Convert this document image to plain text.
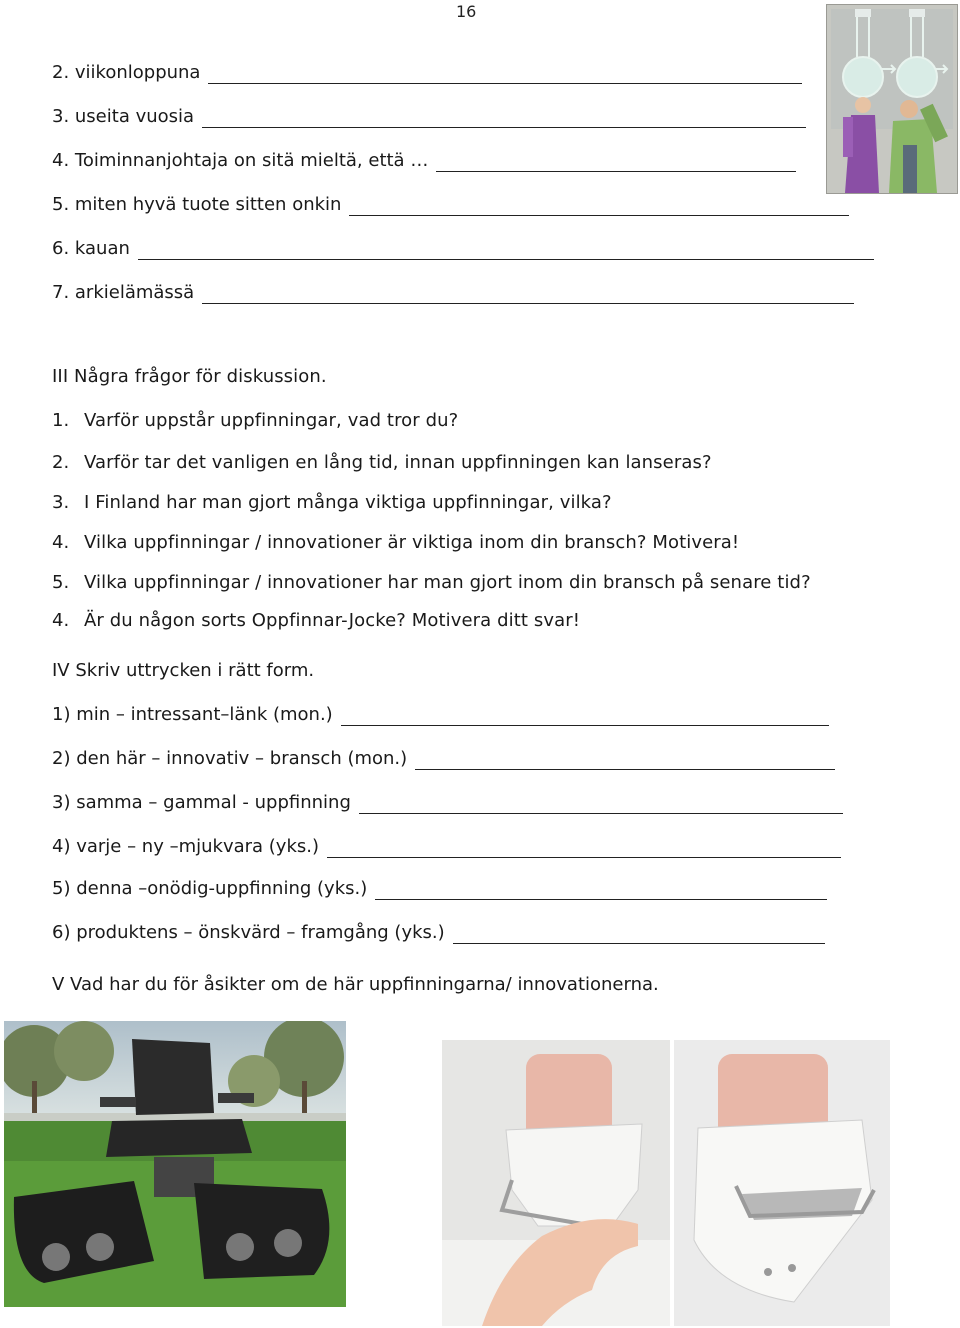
16
2. viikonloppuna
3. useita vuosia
4. Toiminnanjohtaja on sitä mieltä, että …
5. miten hyvä tuote sitten onkin
6. kauan
7. arkielämässä
III Några frågor för diskussion.
1. Varför uppstår uppfinningar, vad tror du?
2. Varför tar det vanligen en lång tid, innan uppfinningen kan lanseras?
3. I Finland har man gjort många viktiga uppfinningar, vilka?
4. Vilka uppfinningar / innovationer är viktiga inom din bransch? Motivera!
5. Vilka uppfinningar / innovationer har man gjort inom din bransch på senare tid?
4. Är du någon sorts Oppfinnar-Jocke? Motivera ditt svar!
IV Skriv uttrycken i rätt form.
1) min – intressant–länk (mon.)
2) den här – innovativ – bransch (mon.)
3) samma – gammal - uppfinning
4) varje – ny –mjukvara (yks.)
5) denna –onödig-uppfinning (yks.)
6) produktens – önskvärd – framgång (yks.)
V Vad har du för åsikter om de här uppfinningarna/ innovationerna.
